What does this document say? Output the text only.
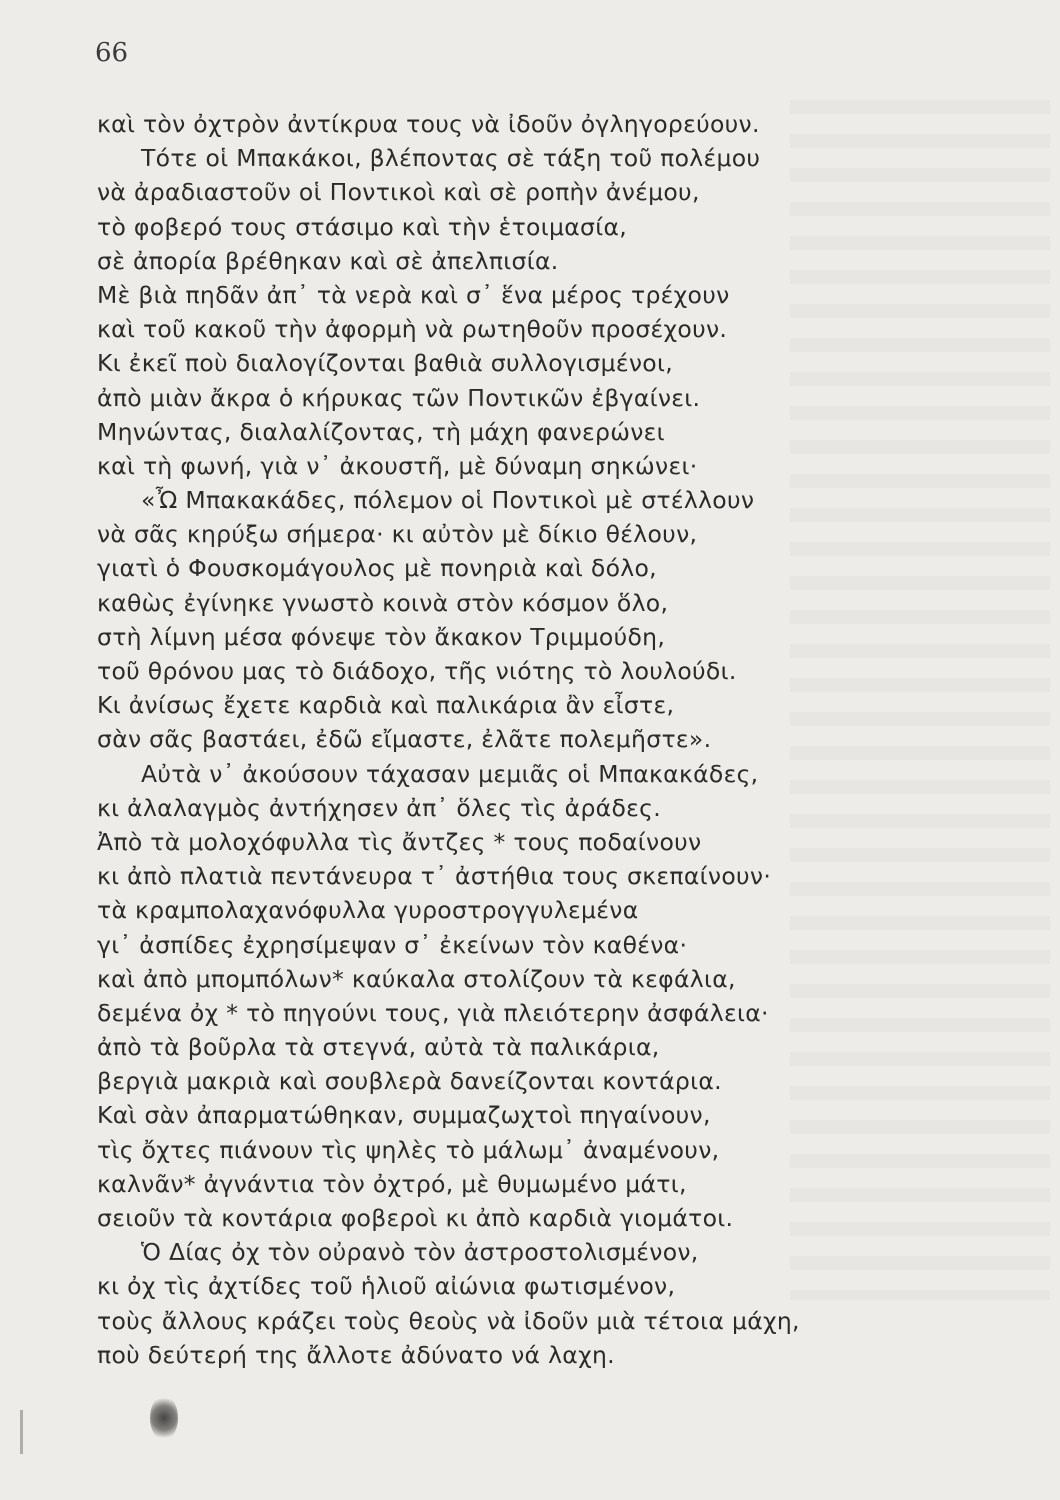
66
καὶ τὸν ὀχτρὸν ἀντίκρυα τους νὰ ἰδοῦν ὀγληγορεύουν.
Τότε οἱ Μπακάκοι, βλέποντας σὲ τάξη τοῦ πολέμου
νὰ ἀραδιαστοῦν οἱ Ποντικοὶ καὶ σὲ ροπὴν ἀνέμου,
τὸ φοβερό τους στάσιμο καὶ τὴν ἑτοιμασία,
σὲ ἀπορία βρέθηκαν καὶ σὲ ἀπελπισία.
Μὲ βιὰ πηδᾶν ἀπ᾽ τὰ νερὰ καὶ σ᾽ ἕνα μέρος τρέχουν
καὶ τοῦ κακοῦ τὴν ἀφορμὴ νὰ ρωτηθοῦν προσέχουν.
Κι ἐκεῖ ποὺ διαλογίζονται βαθιὰ συλλογισμένοι,
ἀπὸ μιὰν ἄκρα ὁ κήρυκας τῶν Ποντικῶν ἐβγαίνει.
Μηνώντας, διαλαλίζοντας, τὴ μάχη φανερώνει
καὶ τὴ φωνή, γιὰ ν᾽ ἀκουστῆ, μὲ δύναμη σηκώνει·
«Ὦ Μπακακάδες, πόλεμον οἱ Ποντικοὶ μὲ στέλλουν
νὰ σᾶς κηρύξω σήμερα· κι αὐτὸν μὲ δίκιο θέλουν,
γιατὶ ὁ Φουσκομάγουλος μὲ πονηριὰ καὶ δόλο,
καθὼς ἐγίνηκε γνωστὸ κοινὰ στὸν κόσμον ὅλο,
στὴ λίμνη μέσα φόνεψε τὸν ἄκακον Τριμμούδη,
τοῦ θρόνου μας τὸ διάδοχο, τῆς νιότης τὸ λουλούδι.
Κι ἀνίσως ἔχετε καρδιὰ καὶ παλικάρια ἂν εἶστε,
σὰν σᾶς βαστάει, ἐδῶ εἴμαστε, ἐλᾶτε πολεμῆστε».
Αὐτὰ ν᾽ ἀκούσουν τάχασαν μεμιᾶς οἱ Μπακακάδες,
κι ἀλαλαγμὸς ἀντήχησεν ἀπ᾽ ὅλες τὶς ἀράδες.
Ἀπὸ τὰ μολοχόφυλλα τὶς ἄντζες * τους ποδαίνουν
κι ἀπὸ πλατιὰ πεντάνευρα τ᾽ ἀστήθια τους σκεπαίνουν·
τὰ κραμπολαχανόφυλλα γυροστρογγυλεμένα
γι᾽ ἀσπίδες ἐχρησίμεψαν σ᾽ ἐκείνων τὸν καθένα·
καὶ ἀπὸ μπομπόλων* καύκαλα στολίζουν τὰ κεφάλια,
δεμένα ὀχ * τὸ πηγούνι τους, γιὰ πλειότερην ἀσφάλεια·
ἀπὸ τὰ βοῦρλα τὰ στεγνά, αὐτὰ τὰ παλικάρια,
βεργιὰ μακριὰ καὶ σουβλερὰ δανείζονται κοντάρια.
Καὶ σὰν ἀπαρματώθηκαν, συμμαζωχτοὶ πηγαίνουν,
τὶς ὄχτες πιάνουν τὶς ψηλὲς τὸ μάλωμ᾽ ἀναμένουν,
καλνᾶν* ἀγνάντια τὸν ὀχτρό, μὲ θυμωμένο μάτι,
σειοῦν τὰ κοντάρια φοβεροὶ κι ἀπὸ καρδιὰ γιομάτοι.
Ὁ Δίας ὀχ τὸν οὐρανὸ τὸν ἀστροστολισμένον,
κι ὀχ τὶς ἀχτίδες τοῦ ἡλιοῦ αἰώνια φωτισμένον,
τοὺς ἄλλους κράζει τοὺς θεοὺς νὰ ἰδοῦν μιὰ τέτοια μάχη,
ποὺ δεύτερή της ἄλλοτε ἀδύνατο νά λαχη.
